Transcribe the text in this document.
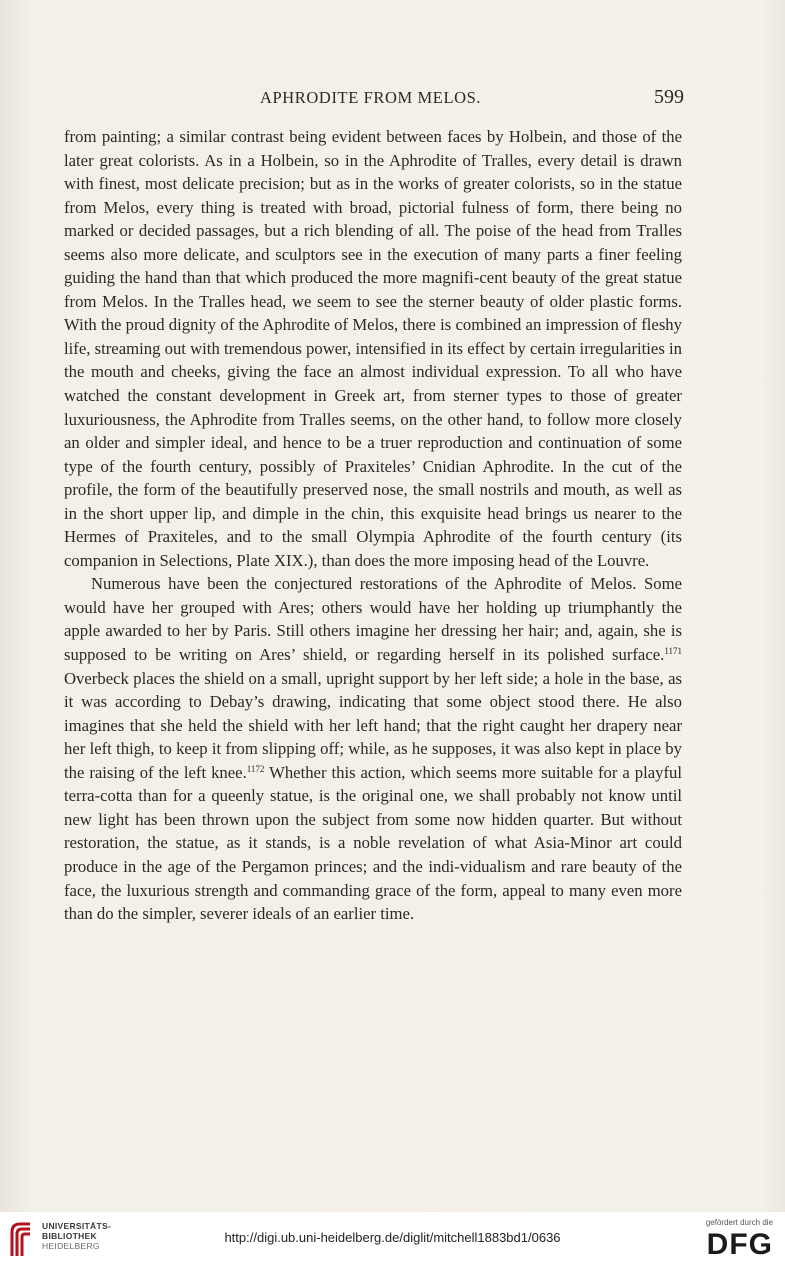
APHRODITE FROM MELOS.	599

from painting; a similar contrast being evident between faces by Holbein, and those of the later great colorists. As in a Holbein, so in the Aphrodite of Tralles, every detail is drawn with finest, most delicate precision; but as in the works of greater colorists, so in the statue from Melos, every thing is treated with broad, pictorial fulness of form, there being no marked or decided passages, but a rich blending of all. The poise of the head from Tralles seems also more delicate, and sculptors see in the execution of many parts a finer feeling guiding the hand than that which produced the more magnifi-cent beauty of the great statue from Melos. In the Tralles head, we seem to see the sterner beauty of older plastic forms. With the proud dignity of the Aphrodite of Melos, there is combined an impression of fleshy life, streaming out with tremendous power, intensified in its effect by certain irregularities in the mouth and cheeks, giving the face an almost individual expression. To all who have watched the constant development in Greek art, from sterner types to those of greater luxuriousness, the Aphrodite from Tralles seems, on the other hand, to follow more closely an older and simpler ideal, and hence to be a truer reproduction and continuation of some type of the fourth century, possibly of Praxiteles’ Cnidian Aphrodite. In the cut of the profile, the form of the beautifully preserved nose, the small nostrils and mouth, as well as in the short upper lip, and dimple in the chin, this exquisite head brings us nearer to the Hermes of Praxiteles, and to the small Olympia Aphrodite of the fourth century (its companion in Selections, Plate XIX.), than does the more imposing head of the Louvre.

Numerous have been the conjectured restorations of the Aphrodite of Melos. Some would have her grouped with Ares; others would have her holding up triumphantly the apple awarded to her by Paris. Still others imagine her dressing her hair; and, again, she is supposed to be writing on Ares’ shield, or regarding herself in its polished surface.$^{1171}$ Overbeck places the shield on a small, upright support by her left side; a hole in the base, as it was according to Debay’s drawing, indicating that some object stood there. He also imagines that she held the shield with her left hand; that the right caught her drapery near her left thigh, to keep it from slipping off; while, as he supposes, it was also kept in place by the raising of the left knee.$^{1172}$ Whether this action, which seems more suitable for a playful terra-cotta than for a queenly statue, is the original one, we shall probably not know until new light has been thrown upon the subject from some now hidden quarter. But without restoration, the statue, as it stands, is a noble revelation of what Asia-Minor art could produce in the age of the Pergamon princes; and the indi-vidualism and rare beauty of the face, the luxurious strength and commanding grace of the form, appeal to many even more than do the simpler, severer ideals of an earlier time.

UNIVERSITÄTS-
BIBLIOTHEK
HEIDELBERG
http://digi.ub.uni-heidelberg.de/diglit/mitchell1883bd1/0636
gefördert durch die
DFG
